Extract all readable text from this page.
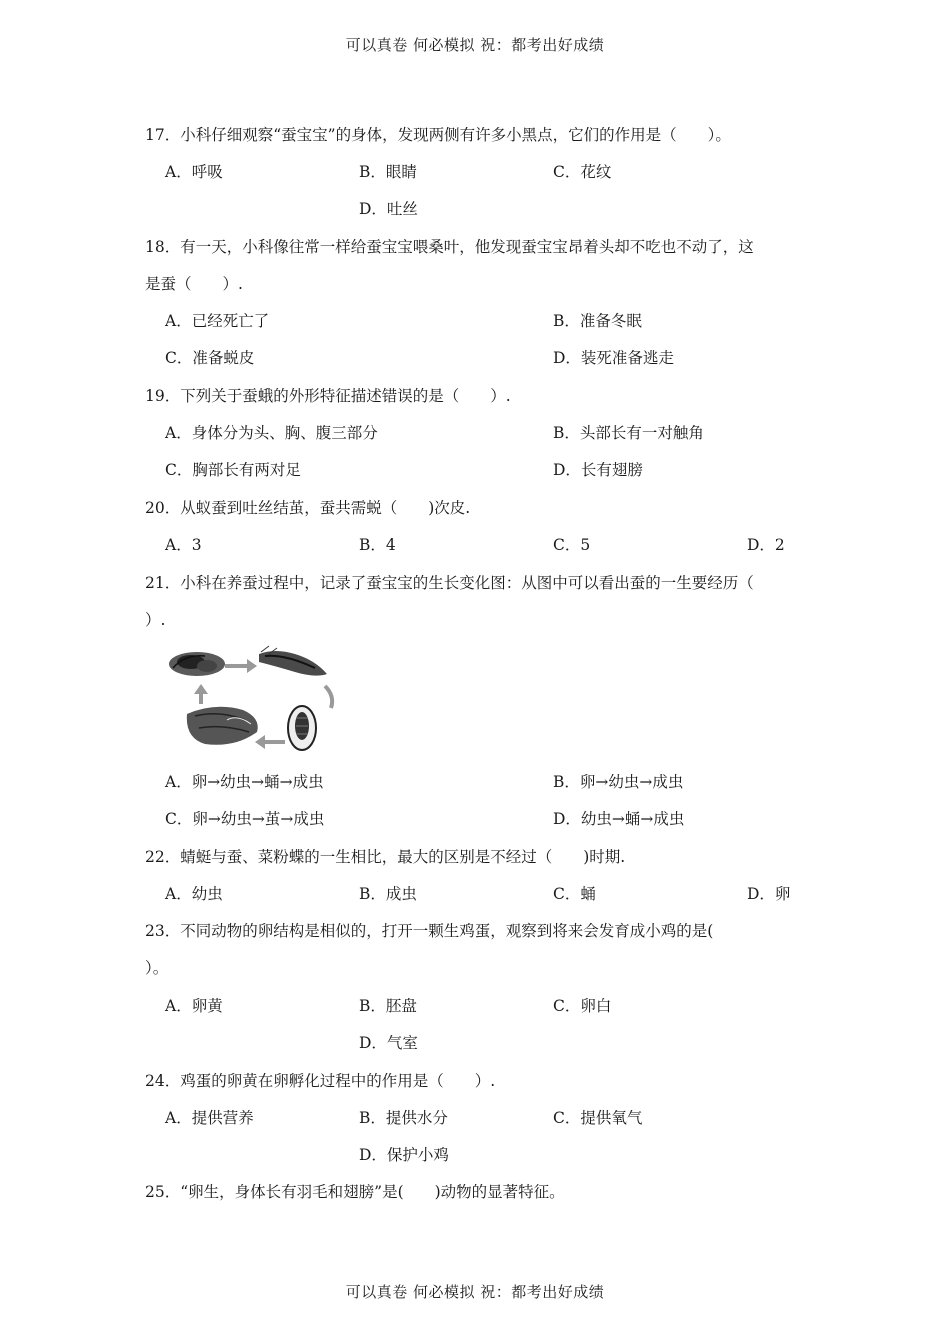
可以真卷 何必模拟 祝：都考出好成绩
17．小科仔细观察“蚕宝宝”的身体，发现两侧有许多小黑点，它们的作用是（　　）。
A．呼吸	B．眼睛	C．花纹
D．吐丝
18．有一天，小科像往常一样给蚕宝宝喂桑叶，他发现蚕宝宝昂着头却不吃也不动了，这
是蚕（　　）.
A．已经死亡了	B．准备冬眠
C．准备蜕皮	D．装死准备逃走
19．下列关于蚕蛾的外形特征描述错误的是（　　）.
A．身体分为头、胸、腹三部分	B．头部长有一对触角
C．胸部长有两对足	D．长有翅膀
20．从蚁蚕到吐丝结茧，蚕共需蜕（　　)次皮.
A．3	B．4	C．5	D．2
21．小科在养蚕过程中，记录了蚕宝宝的生长变化图：从图中可以看出蚕的一生要经历（
）.
A．卵→幼虫→蛹→成虫	B．卵→幼虫→成虫
C．卵→幼虫→茧→成虫	D．幼虫→蛹→成虫
22．蜻蜓与蚕、菜粉蝶的一生相比，最大的区别是不经过（　　)时期.
A．幼虫	B．成虫	C．蛹	D．卵
23．不同动物的卵结构是相似的，打开一颗生鸡蛋，观察到将来会发育成小鸡的是(
）。
A．卵黄	B．胚盘	C．卵白
D．气室
24．鸡蛋的卵黄在卵孵化过程中的作用是（　　）.
A．提供营养	B．提供水分	C．提供氧气
D．保护小鸡
25．“卵生，身体长有羽毛和翅膀”是(　　)动物的显著特征。
可以真卷 何必模拟 祝：都考出好成绩
